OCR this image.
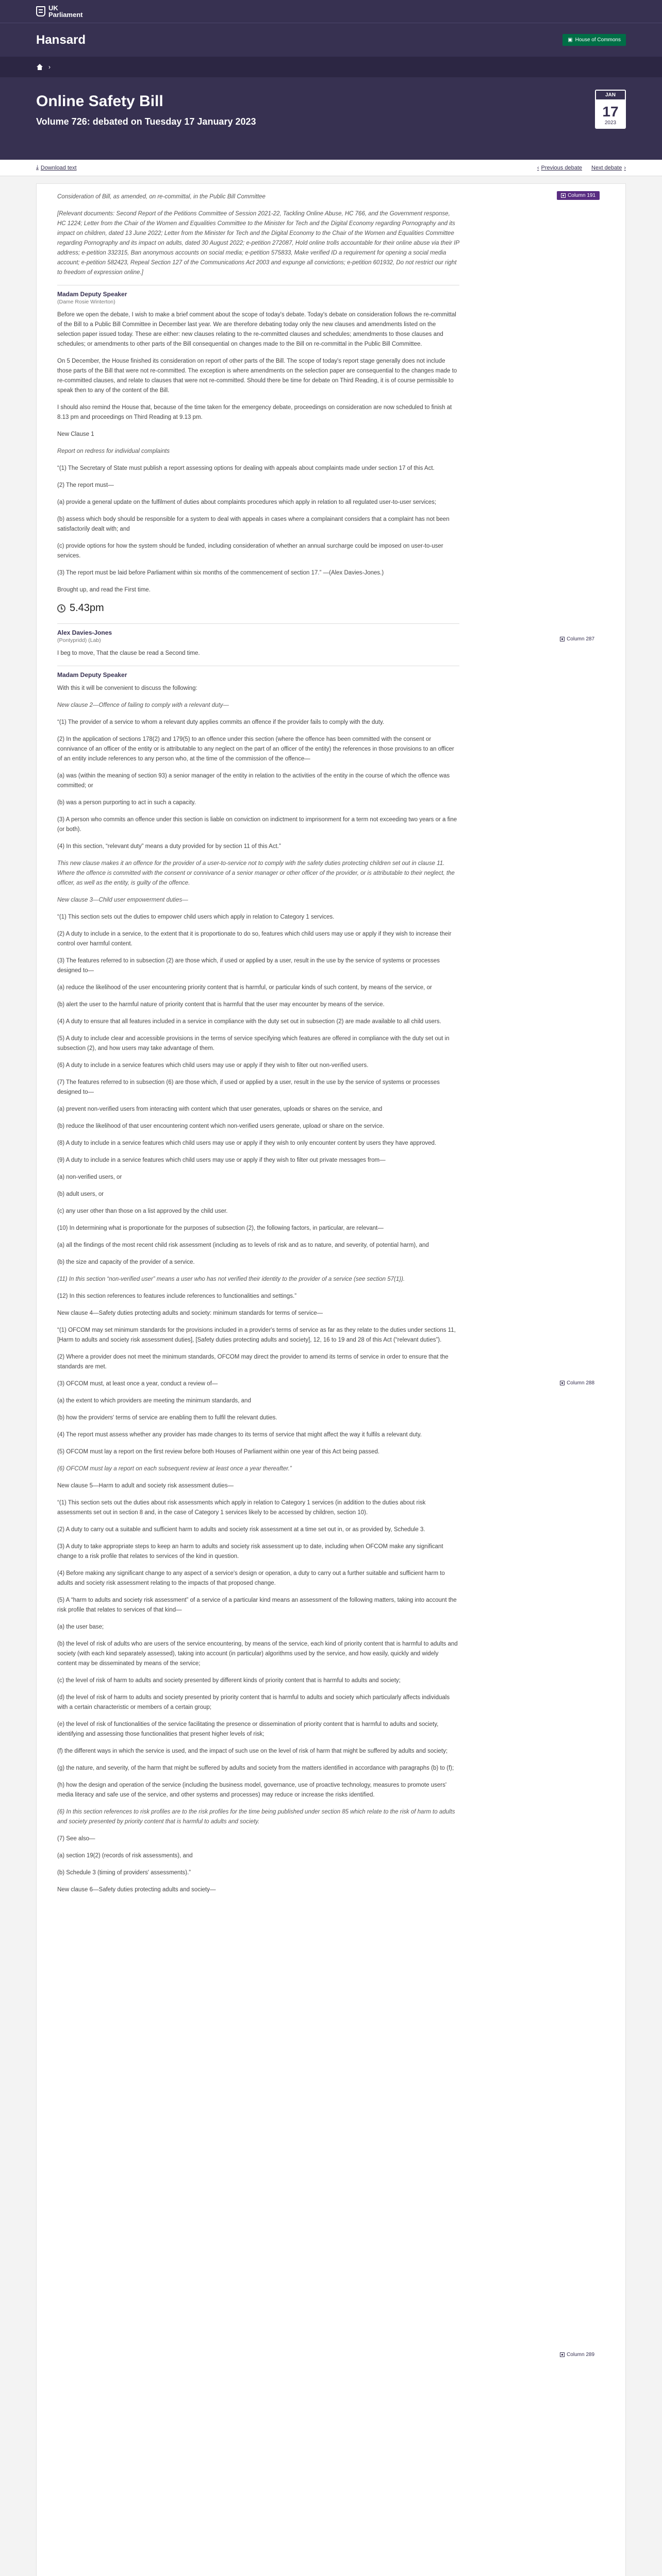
UK
Parliament
Hansard	▣ House of Commons
›
Online Safety Bill
Volume 726: debated on Tuesday 17 January 2023
JAN
17
2023
⤓ Download text	‹ Previous debate Next debate ›
Column 191
Column 287
Column 288
Column 289
Consideration of Bill, as amended, on re-committal, in the Public Bill Committee
[Relevant documents: Second Report of the Petitions Committee of Session 2021-22, Tackling Online Abuse, HC 766, and the Government response, HC 1224; Letter from the Chair of the Women and Equalities Committee to the Minister for Tech and the Digital Economy regarding Pornography and its impact on children, dated 13 June 2022; Letter from the Minister for Tech and the Digital Economy to the Chair of the Women and Equalities Committee regarding Pornography and its impact on adults, dated 30 August 2022; e-petition 272087, Hold online trolls accountable for their online abuse via their IP address; e-petition 332315, Ban anonymous accounts on social media; e-petition 575833, Make verified ID a requirement for opening a social media account; e-petition 582423, Repeal Section 127 of the Communications Act 2003 and expunge all convictions; e-petition 601932, Do not restrict our right to freedom of expression online.]
Madam Deputy Speaker
(Dame Rosie Winterton)
Before we open the debate, I wish to make a brief comment about the scope of today's debate. Today's debate on consideration follows the re-committal of the Bill to a Public Bill Committee in December last year. We are therefore debating today only the new clauses and amendments listed on the selection paper issued today. These are either: new clauses relating to the re-committed clauses and schedules; amendments to those clauses and schedules; or amendments to other parts of the Bill consequential on changes made to the Bill on re-committal in the Public Bill Committee.
On 5 December, the House finished its consideration on report of other parts of the Bill. The scope of today's report stage generally does not include those parts of the Bill that were not re-committed. The exception is where amendments on the selection paper are consequential to the changes made to re-committed clauses, and relate to clauses that were not re-committed. Should there be time for debate on Third Reading, it is of course permissible to speak then to any of the content of the Bill.
I should also remind the House that, because of the time taken for the emergency debate, proceedings on consideration are now scheduled to finish at 8.13 pm and proceedings on Third Reading at 9.13 pm.
New Clause 1
Report on redress for individual complaints
“(1) The Secretary of State must publish a report assessing options for dealing with appeals about complaints made under section 17 of this Act.
(2) The report must—
(a) provide a general update on the fulfilment of duties about complaints procedures which apply in relation to all regulated user-to-user services;
(b) assess which body should be responsible for a system to deal with appeals in cases where a complainant considers that a complaint has not been satisfactorily dealt with; and
(c) provide options for how the system should be funded, including consideration of whether an annual surcharge could be imposed on user-to-user services.
(3) The report must be laid before Parliament within six months of the commencement of section 17.” —(Alex Davies-Jones.)
Brought up, and read the First time.
5.43pm
Alex Davies-Jones
(Pontypridd) (Lab)
I beg to move, That the clause be read a Second time.
Madam Deputy Speaker
With this it will be convenient to discuss the following:
New clause 2—Offence of failing to comply with a relevant duty—
“(1) The provider of a service to whom a relevant duty applies commits an offence if the provider fails to comply with the duty.
(2) In the application of sections 178(2) and 179(5) to an offence under this section (where the offence has been committed with the consent or connivance of an officer of the entity or is attributable to any neglect on the part of an officer of the entity) the references in those provisions to an officer of an entity include references to any person who, at the time of the commission of the offence—
(a) was (within the meaning of section 93) a senior manager of the entity in relation to the activities of the entity in the course of which the offence was committed; or
(b) was a person purporting to act in such a capacity.
(3) A person who commits an offence under this section is liable on conviction on indictment to imprisonment for a term not exceeding two years or a fine (or both).
(4) In this section, “relevant duty” means a duty provided for by section 11 of this Act.”
This new clause makes it an offence for the provider of a user-to-service not to comply with the safety duties protecting children set out in clause 11. Where the offence is committed with the consent or connivance of a senior manager or other officer of the provider, or is attributable to their neglect, the officer, as well as the entity, is guilty of the offence.
New clause 3—Child user empowerment duties—
“(1) This section sets out the duties to empower child users which apply in relation to Category 1 services.
(2) A duty to include in a service, to the extent that it is proportionate to do so, features which child users may use or apply if they wish to increase their control over harmful content.
(3) The features referred to in subsection (2) are those which, if used or applied by a user, result in the use by the service of systems or processes designed to—
(a) reduce the likelihood of the user encountering priority content that is harmful, or particular kinds of such content, by means of the service, or
(b) alert the user to the harmful nature of priority content that is harmful that the user may encounter by means of the service.
(4) A duty to ensure that all features included in a service in compliance with the duty set out in subsection (2) are made available to all child users.
(5) A duty to include clear and accessible provisions in the terms of service specifying which features are offered in compliance with the duty set out in subsection (2), and how users may take advantage of them.
(6) A duty to include in a service features which child users may use or apply if they wish to filter out non-verified users.
(7) The features referred to in subsection (6) are those which, if used or applied by a user, result in the use by the service of systems or processes designed to—
(a) prevent non-verified users from interacting with content which that user generates, uploads or shares on the service, and
(b) reduce the likelihood of that user encountering content which non-verified users generate, upload or share on the service.
(8) A duty to include in a service features which child users may use or apply if they wish to only encounter content by users they have approved.
(9) A duty to include in a service features which child users may use or apply if they wish to filter out private messages from—
(a) non-verified users, or
(b) adult users, or
(c) any user other than those on a list approved by the child user.
(10) In determining what is proportionate for the purposes of subsection (2), the following factors, in particular, are relevant—
(a) all the findings of the most recent child risk assessment (including as to levels of risk and as to nature, and severity, of potential harm), and
(b) the size and capacity of the provider of a service.
(11) In this section “non-verified user” means a user who has not verified their identity to the provider of a service (see section 57(1)).
(12) In this section references to features include references to functionalities and settings.”
New clause 4—Safety duties protecting adults and society: minimum standards for terms of service—
“(1) OFCOM may set minimum standards for the provisions included in a provider's terms of service as far as they relate to the duties under sections 11, [Harm to adults and society risk assessment duties], [Safety duties protecting adults and society], 12, 16 to 19 and 28 of this Act (“relevant duties”).
(2) Where a provider does not meet the minimum standards, OFCOM may direct the provider to amend its terms of service in order to ensure that the standards are met.
(3) OFCOM must, at least once a year, conduct a review of—
(a) the extent to which providers are meeting the minimum standards, and
(b) how the providers' terms of service are enabling them to fulfil the relevant duties.
(4) The report must assess whether any provider has made changes to its terms of service that might affect the way it fulfils a relevant duty.
(5) OFCOM must lay a report on the first review before both Houses of Parliament within one year of this Act being passed.
(6) OFCOM must lay a report on each subsequent review at least once a year thereafter.”
New clause 5—Harm to adult and society risk assessment duties—
“(1) This section sets out the duties about risk assessments which apply in relation to Category 1 services (in addition to the duties about risk assessments set out in section 8 and, in the case of Category 1 services likely to be accessed by children, section 10).
(2) A duty to carry out a suitable and sufficient harm to adults and society risk assessment at a time set out in, or as provided by, Schedule 3.
(3) A duty to take appropriate steps to keep an harm to adults and society risk assessment up to date, including when OFCOM make any significant change to a risk profile that relates to services of the kind in question.
(4) Before making any significant change to any aspect of a service's design or operation, a duty to carry out a further suitable and sufficient harm to adults and society risk assessment relating to the impacts of that proposed change.
(5) A “harm to adults and society risk assessment” of a service of a particular kind means an assessment of the following matters, taking into account the risk profile that relates to services of that kind—
(a) the user base;
(b) the level of risk of adults who are users of the service encountering, by means of the service, each kind of priority content that is harmful to adults and society (with each kind separately assessed), taking into account (in particular) algorithms used by the service, and how easily, quickly and widely content may be disseminated by means of the service;
(c) the level of risk of harm to adults and society presented by different kinds of priority content that is harmful to adults and society;
(d) the level of risk of harm to adults and society presented by priority content that is harmful to adults and society which particularly affects individuals with a certain characteristic or members of a certain group;
(e) the level of risk of functionalities of the service facilitating the presence or dissemination of priority content that is harmful to adults and society, identifying and assessing those functionalities that present higher levels of risk;
(f) the different ways in which the service is used, and the impact of such use on the level of risk of harm that might be suffered by adults and society;
(g) the nature, and severity, of the harm that might be suffered by adults and society from the matters identified in accordance with paragraphs (b) to (f);
(h) how the design and operation of the service (including the business model, governance, use of proactive technology, measures to promote users' media literacy and safe use of the service, and other systems and processes) may reduce or increase the risks identified.
(6) In this section references to risk profiles are to the risk profiles for the time being published under section 85 which relate to the risk of harm to adults and society presented by priority content that is harmful to adults and society.
(7) See also—
(a) section 19(2) (records of risk assessments), and
(b) Schedule 3 (timing of providers' assessments).”
New clause 6—Safety duties protecting adults and society—
